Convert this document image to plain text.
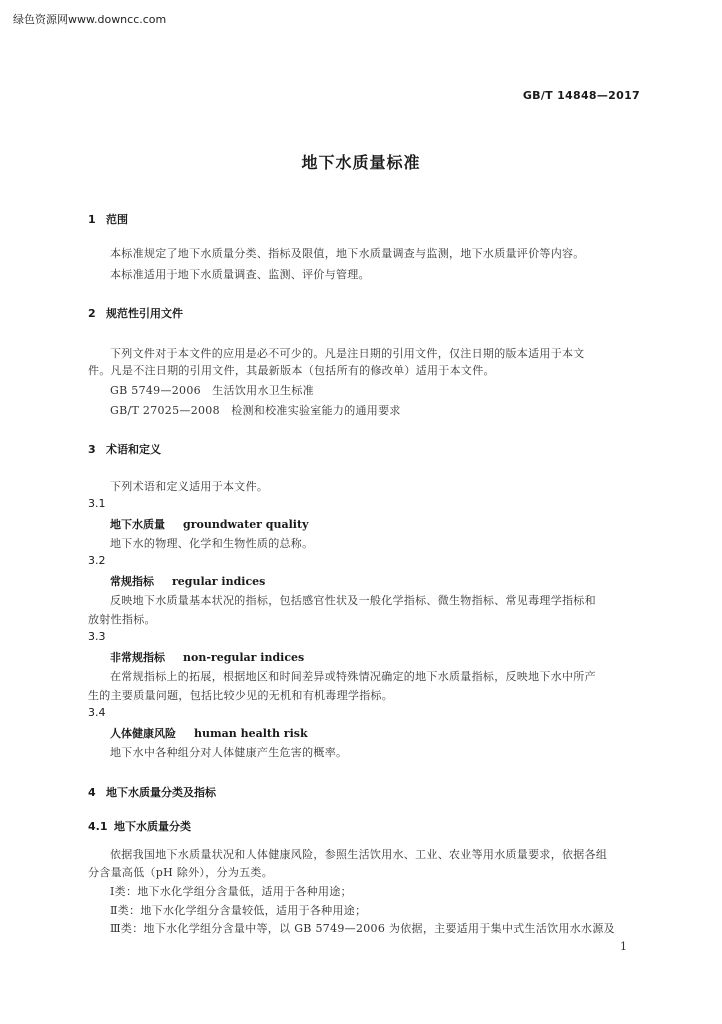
绿色资源网www.downcc.com
GB/T 14848—2017
地下水质量标准
1 范围
本标准规定了地下水质量分类、指标及限值，地下水质量调查与监测，地下水质量评价等内容。
本标准适用于地下水质量调查、监测、评价与管理。
2 规范性引用文件
下列文件对于本文件的应用是必不可少的。凡是注日期的引用文件，仅注日期的版本适用于本文
件。凡是不注日期的引用文件，其最新版本（包括所有的修改单）适用于本文件。
GB 5749—2006　生活饮用水卫生标准
GB/T 27025—2008　检测和校准实验室能力的通用要求
3 术语和定义
下列术语和定义适用于本文件。
3.1
地下水质量 groundwater quality
地下水的物理、化学和生物性质的总称。
3.2
常规指标 regular indices
反映地下水质量基本状况的指标，包括感官性状及一般化学指标、微生物指标、常见毒理学指标和
放射性指标。
3.3
非常规指标 non-regular indices
在常规指标上的拓展，根据地区和时间差异或特殊情况确定的地下水质量指标，反映地下水中所产
生的主要质量问题，包括比较少见的无机和有机毒理学指标。
3.4
人体健康风险 human health risk
地下水中各种组分对人体健康产生危害的概率。
4 地下水质量分类及指标
4.1 地下水质量分类
依据我国地下水质量状况和人体健康风险，参照生活饮用水、工业、农业等用水质量要求，依据各组
分含量高低（pH 除外），分为五类。
Ⅰ类：地下水化学组分含量低，适用于各种用途；
Ⅱ类：地下水化学组分含量较低，适用于各种用途；
Ⅲ类：地下水化学组分含量中等，以 GB 5749—2006 为依据，主要适用于集中式生活饮用水水源及
1
